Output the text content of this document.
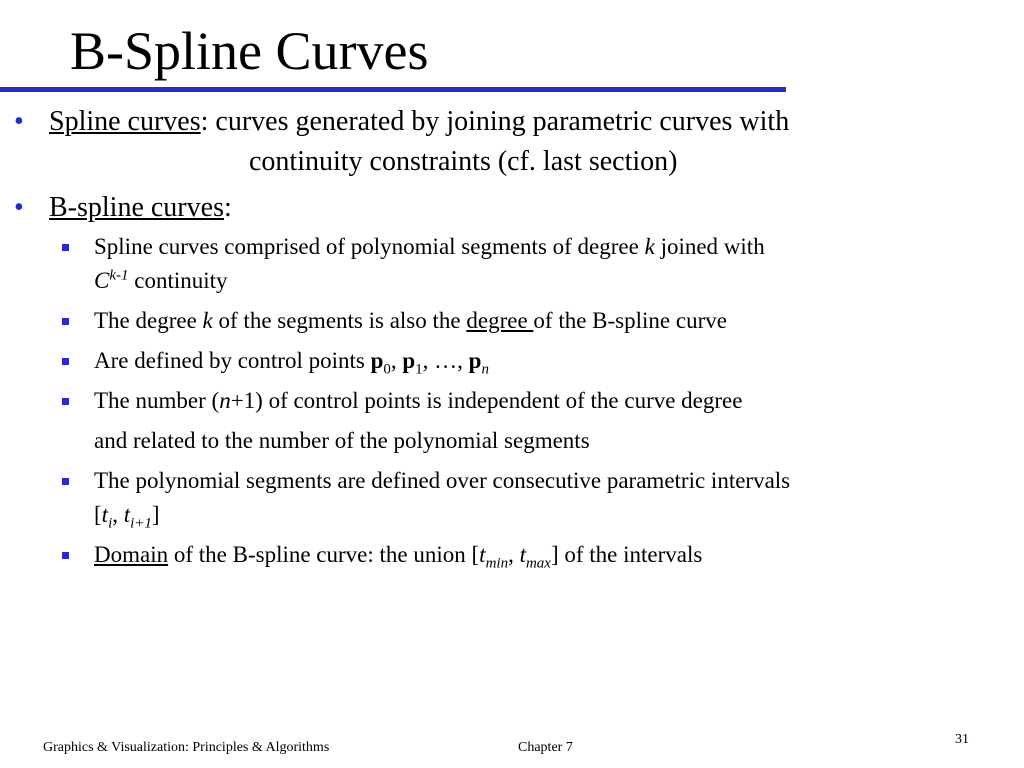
B-Spline Curves
• Spline curves: curves generated by joining parametric curves with
continuity constraints (cf. last section)
• B-spline curves:
Spline curves comprised of polynomial segments of degree k joined with
$C^{k-1}$ continuity
The degree k of the segments is also the degree of the B-spline curve
Are defined by control points $p_0$, $p_1$, …, $p_n$
The number (n+1) of control points is independent of the curve degree
and related to the number of the polynomial segments
The polynomial segments are defined over consecutive parametric intervals
[$t_i$, $t_{i+1}$]
Domain of the B-spline curve: the union [$t_{min}$, $t_{max}$] of the intervals
Graphics & Visualization: Principles & Algorithms	Chapter 7
31
